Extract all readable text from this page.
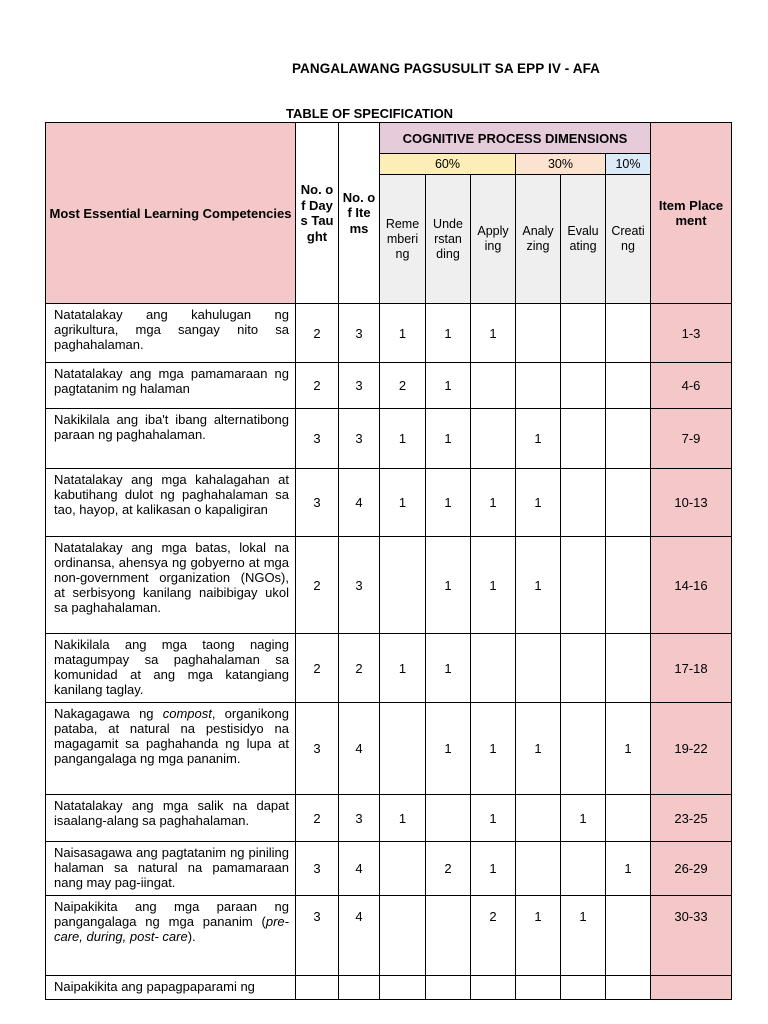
PANGALAWANG PAGSUSULIT SA EPP IV - AFA
TABLE OF SPECIFICATION
Most Essential Learning Competencies	No. of Days Taught	No. of Items	COGNITIVE PROCESS DIMENSIONS						Item Placement
			60%			30%		10%	
			Remembering	Understanding	Applying	Analyzing	Evaluating	Creating	
Natatalakay ang kahulugan ng agrikultura, mga sangay nito sa paghahalaman.	2	3	1	1	1				1-3
Natatalakay ang mga pamamaraan ng pagtatanim ng halaman	2	3	2	1					4-6
Nakikilala ang iba't ibang alternatibong paraan ng paghahalaman.	3	3	1	1		1			7-9
Natatalakay ang mga kahalagahan at kabutihang dulot ng paghahalaman sa tao, hayop, at kalikasan o kapaligiran	3	4	1	1	1	1			10-13
Natatalakay ang mga batas, lokal na ordinansa, ahensya ng gobyerno at mga non-government organization (NGOs), at serbisyong kanilang naibibigay ukol sa paghahalaman.	2	3		1	1	1			14-16
Nakikilala ang mga taong naging matagumpay sa paghahalaman sa komunidad at ang mga katangiang kanilang taglay.	2	2	1	1					17-18
Nakagagawa ng compost, organikong pataba, at natural na pestisidyo na magagamit sa paghahanda ng lupa at pangangalaga ng mga pananim.	3	4		1	1	1		1	19-22
Natatalakay ang mga salik na dapat isaalang-alang sa paghahalaman.	2	3	1		1		1		23-25
Naisasagawa ang pagtatanim ng piniling halaman sa natural na pamamaraan nang may pag-iingat.	3	4		2	1			1	26-29
Naipakikita ang mga paraan ng pangangalaga ng mga pananim (pre-care, during, post- care).	3	4			2	1	1		30-33
Naipakikita ang papagpaparami ng									
